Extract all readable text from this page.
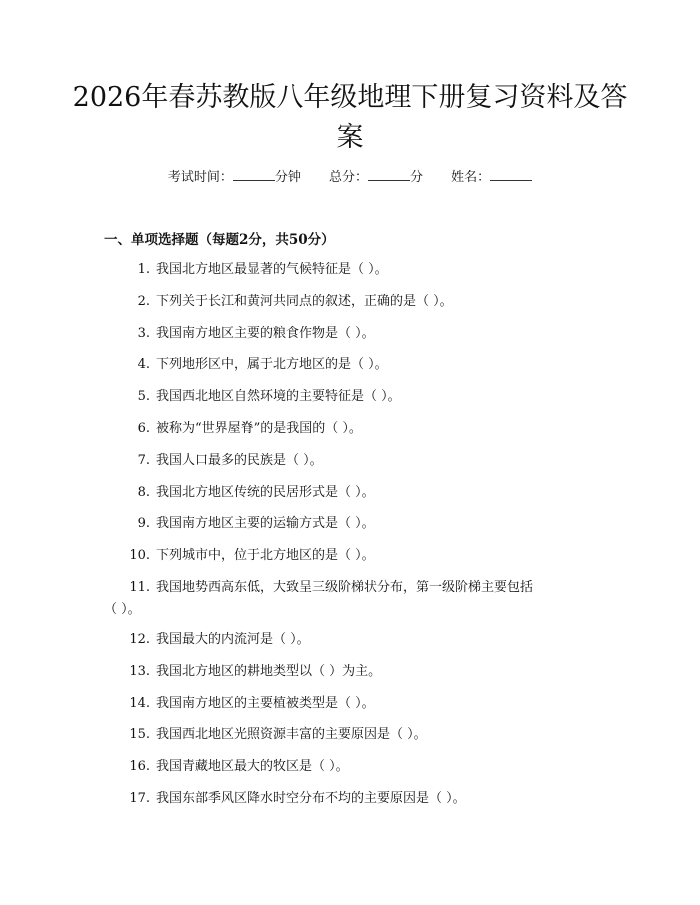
2026年春苏教版八年级地理下册复习资料及答案
考试时间：	分钟 总分：	分 姓名：
一、单项选择题（每题2分，共50分）
1. 我国北方地区最显著的气候特征是（ ）。
2. 下列关于长江和黄河共同点的叙述，正确的是（ ）。
3. 我国南方地区主要的粮食作物是（ ）。
4. 下列地形区中，属于北方地区的是（ ）。
5. 我国西北地区自然环境的主要特征是（ ）。
6. 被称为“世界屋脊”的是我国的（ ）。
7. 我国人口最多的民族是（ ）。
8. 我国北方地区传统的民居形式是（ ）。
9. 我国南方地区主要的运输方式是（ ）。
10. 下列城市中，位于北方地区的是（ ）。
11. 我国地势西高东低，大致呈三级阶梯状分布，第一级阶梯主要包括
（ ）。
12. 我国最大的内流河是（ ）。
13. 我国北方地区的耕地类型以（ ）为主。
14. 我国南方地区的主要植被类型是（ ）。
15. 我国西北地区光照资源丰富的主要原因是（ ）。
16. 我国青藏地区最大的牧区是（ ）。
17. 我国东部季风区降水时空分布不均的主要原因是（ ）。
